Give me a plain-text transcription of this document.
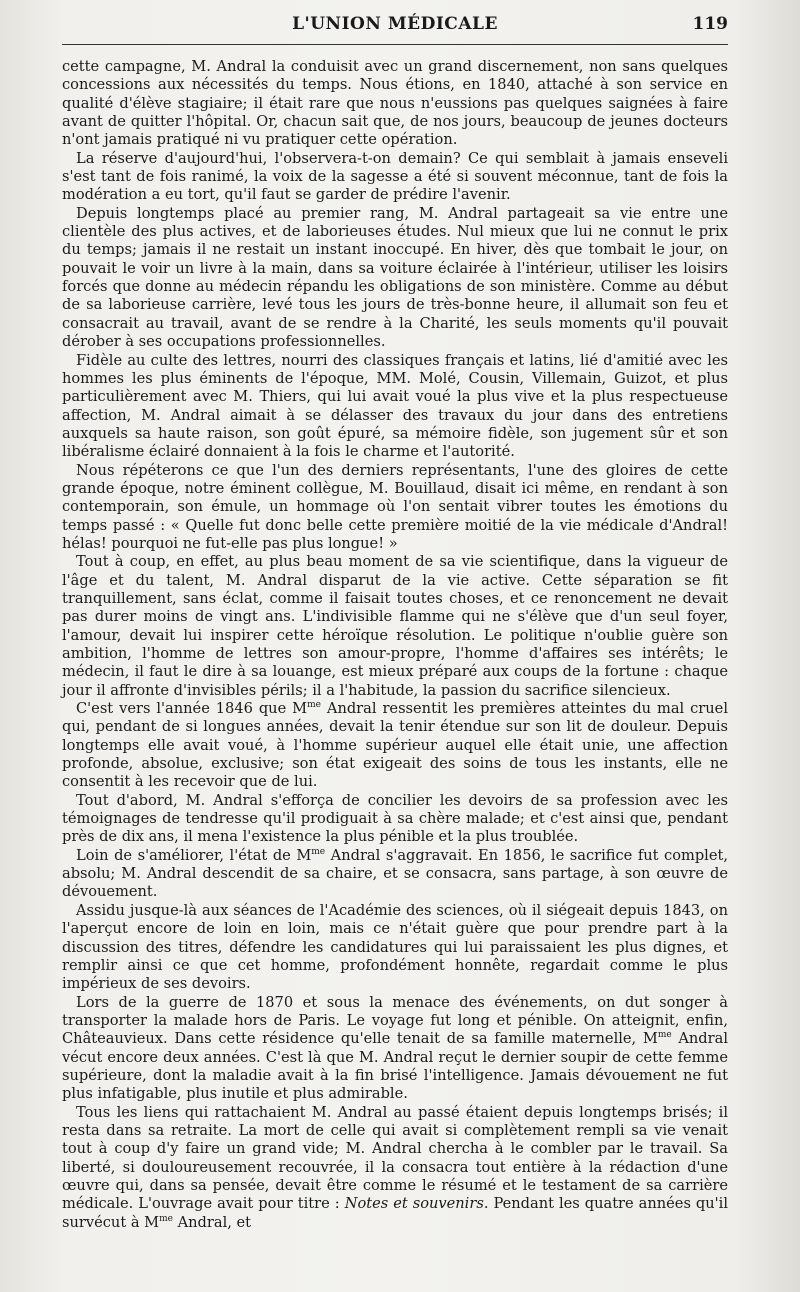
L'UNION MÉDICALE	119

cette campagne, M. Andral la conduisit avec un grand discernement, non sans quelques concessions aux nécessités du temps. Nous étions, en 1840, attaché à son service en qualité d'élève stagiaire; il était rare que nous n'eussions pas quelques saignées à faire avant de quitter l'hôpital. Or, chacun sait que, de nos jours, beaucoup de jeunes docteurs n'ont jamais pratiqué ni vu pratiquer cette opération.

La réserve d'aujourd'hui, l'observera-t-on demain? Ce qui semblait à jamais enseveli s'est tant de fois ranimé, la voix de la sagesse a été si souvent méconnue, tant de fois la modération a eu tort, qu'il faut se garder de prédire l'avenir.

Depuis longtemps placé au premier rang, M. Andral partageait sa vie entre une clientèle des plus actives, et de laborieuses études. Nul mieux que lui ne connut le prix du temps; jamais il ne restait un instant inoccupé. En hiver, dès que tombait le jour, on pouvait le voir un livre à la main, dans sa voiture éclairée à l'intérieur, utiliser les loisirs forcés que donne au médecin répandu les obligations de son ministère. Comme au début de sa laborieuse carrière, levé tous les jours de très-bonne heure, il allumait son feu et consacrait au travail, avant de se rendre à la Charité, les seuls moments qu'il pouvait dérober à ses occupations professionnelles.

Fidèle au culte des lettres, nourri des classiques français et latins, lié d'amitié avec les hommes les plus éminents de l'époque, MM. Molé, Cousin, Villemain, Guizot, et plus particulièrement avec M. Thiers, qui lui avait voué la plus vive et la plus respectueuse affection, M. Andral aimait à se délasser des travaux du jour dans des entretiens auxquels sa haute raison, son goût épuré, sa mémoire fidèle, son jugement sûr et son libéralisme éclairé donnaient à la fois le charme et l'autorité.

Nous répéterons ce que l'un des derniers représentants, l'une des gloires de cette grande époque, notre éminent collègue, M. Bouillaud, disait ici même, en rendant à son contemporain, son émule, un hommage où l'on sentait vibrer toutes les émotions du temps passé : « Quelle fut donc belle cette première moitié de la vie médicale d'Andral! hélas! pourquoi ne fut-elle pas plus longue! »

Tout à coup, en effet, au plus beau moment de sa vie scientifique, dans la vigueur de l'âge et du talent, M. Andral disparut de la vie active. Cette séparation se fit tranquillement, sans éclat, comme il faisait toutes choses, et ce renoncement ne devait pas durer moins de vingt ans. L'indivisible flamme qui ne s'élève que d'un seul foyer, l'amour, devait lui inspirer cette héroïque résolution. Le politique n'oublie guère son ambition, l'homme de lettres son amour-propre, l'homme d'affaires ses intérêts; le médecin, il faut le dire à sa louange, est mieux préparé aux coups de la fortune : chaque jour il affronte d'invisibles périls; il a l'habitude, la passion du sacrifice silencieux.

C'est vers l'année 1846 que $M^{me}$ Andral ressentit les premières atteintes du mal cruel qui, pendant de si longues années, devait la tenir étendue sur son lit de douleur. Depuis longtemps elle avait voué, à l'homme supérieur auquel elle était unie, une affection profonde, absolue, exclusive; son état exigeait des soins de tous les instants, elle ne consentit à les recevoir que de lui.

Tout d'abord, M. Andral s'efforça de concilier les devoirs de sa profession avec les témoignages de tendresse qu'il prodiguait à sa chère malade; et c'est ainsi que, pendant près de dix ans, il mena l'existence la plus pénible et la plus troublée.

Loin de s'améliorer, l'état de $M^{me}$ Andral s'aggravait. En 1856, le sacrifice fut complet, absolu; M. Andral descendit de sa chaire, et se consacra, sans partage, à son œuvre de dévouement.

Assidu jusque-là aux séances de l'Académie des sciences, où il siégeait depuis 1843, on l'aperçut encore de loin en loin, mais ce n'était guère que pour prendre part à la discussion des titres, défendre les candidatures qui lui paraissaient les plus dignes, et remplir ainsi ce que cet homme, profondément honnête, regardait comme le plus impérieux de ses devoirs.

Lors de la guerre de 1870 et sous la menace des événements, on dut songer à transporter la malade hors de Paris. Le voyage fut long et pénible. On atteignit, enfin, Châteauvieux. Dans cette résidence qu'elle tenait de sa famille maternelle, $M^{me}$ Andral vécut encore deux années. C'est là que M. Andral reçut le dernier soupir de cette femme supérieure, dont la maladie avait à la fin brisé l'intelligence. Jamais dévouement ne fut plus infatigable, plus inutile et plus admirable.

Tous les liens qui rattachaient M. Andral au passé étaient depuis longtemps brisés; il resta dans sa retraite. La mort de celle qui avait si complètement rempli sa vie venait tout à coup d'y faire un grand vide; M. Andral chercha à le combler par le travail. Sa liberté, si douloureusement recouvrée, il la consacra tout entière à la rédaction d'une œuvre qui, dans sa pensée, devait être comme le résumé et le testament de sa carrière médicale. L'ouvrage avait pour titre : Notes et souvenirs. Pendant les quatre années qu'il survécut à $M^{me}$ Andral, et
